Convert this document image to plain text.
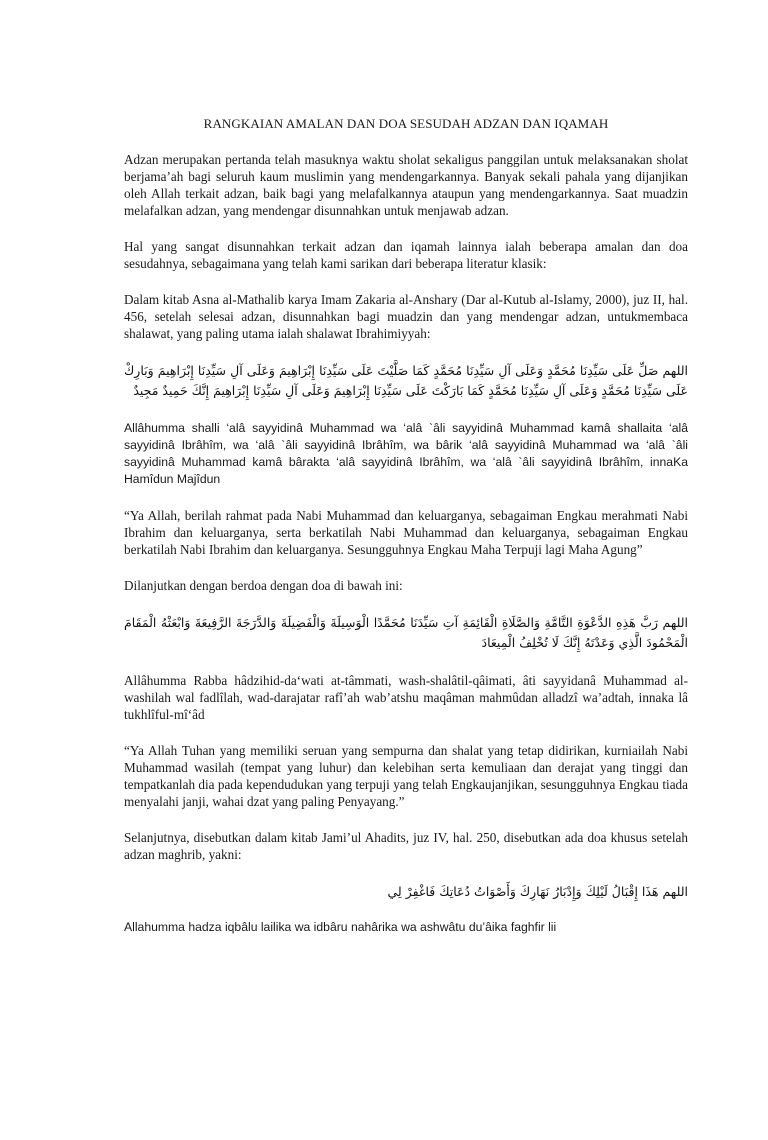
RANGKAIAN AMALAN DAN DOA SESUDAH ADZAN DAN IQAMAH

Adzan merupakan pertanda telah masuknya waktu sholat sekaligus panggilan untuk melaksanakan sholat berjama’ah bagi seluruh kaum muslimin yang mendengarkannya. Banyak sekali pahala yang dijanjikan oleh Allah terkait adzan, baik bagi yang melafalkannya ataupun yang mendengarkannya. Saat muadzin melafalkan adzan, yang mendengar disunnahkan untuk menjawab adzan.

Hal yang sangat disunnahkan terkait adzan dan iqamah lainnya ialah beberapa amalan dan doa sesudahnya, sebagaimana yang telah kami sarikan dari beberapa literatur klasik:

Dalam kitab Asna al-Mathalib karya Imam Zakaria al-Anshary (Dar al-Kutub al-Islamy, 2000), juz II, hal. 456, setelah selesai adzan, disunnahkan bagi muadzin dan yang mendengar adzan, untukmembaca shalawat, yang paling utama ialah shalawat Ibrahimiyyah:

اللهم صَلِّ عَلَى سَيِّدِنَا مُحَمَّدٍ وَعَلَى آلِ سَيِّدِنَا مُحَمَّدٍ كَمَا صَلَّيْتَ عَلَى سَيِّدِنَا إِبْرَاهِيمَ وَعَلَى آلِ سَيِّدِنَا إِبْرَاهِيمَ وَبَارِكْ عَلَى سَيِّدِنَا مُحَمَّدٍ وَعَلَى آلِ سَيِّدِنَا مُحَمَّدٍ كَمَا بَارَكْتَ عَلَى سَيِّدِنَا إِبْرَاهِيمَ وَعَلَى آلِ سَيِّدِنَا إِبْرَاهِيمَ إِنَّكَ حَمِيدٌ مَجِيدٌ

Allâhumma shalli ‘alâ sayyidinâ Muhammad wa ‘alâ `âli sayyidinâ Muhammad kamâ shallaita ‘alâ sayyidinâ Ibrâhîm, wa ‘alâ `âli sayyidinâ Ibrâhîm, wa bârik ‘alâ sayyidinâ Muhammad wa ‘alâ `âli sayyidinâ Muhammad kamâ bârakta ‘alâ sayyidinâ Ibrâhîm, wa ‘alâ `âli sayyidinâ Ibrâhîm, innaKa Hamîdun Majîdun

“Ya Allah, berilah rahmat pada Nabi Muhammad dan keluarganya, sebagaiman Engkau merahmati Nabi Ibrahim dan keluarganya, serta berkatilah Nabi Muhammad dan keluarganya, sebagaiman Engkau berkatilah Nabi Ibrahim dan keluarganya. Sesungguhnya Engkau Maha Terpuji lagi Maha Agung”

Dilanjutkan dengan berdoa dengan doa di bawah ini:

اللهم رَبَّ هَذِهِ الدَّعْوَةِ التَّامَّةِ وَالصَّلَاةِ الْقَائِمَةِ آتِ سَيِّدَنَا مُحَمَّدًا الْوَسِيلَةَ وَالْفَضِيلَةَ وَالدَّرَجَةَ الرَّفِيعَةَ وَابْعَثْهُ الْمَقَامَ الْمَحْمُودَ الَّذِي وَعَدْتَهُ إِنَّكَ لَا تُخْلِفُ الْمِيعَادَ

Allâhumma Rabba hâdzihid-da‘wati at-tâmmati, wash-shalâtil-qâimati, âti sayyidanâ Muhammad al-washilah wal fadlîlah, wad-darajatar rafî’ah wab’atshu maqâman mahmûdan alladzî wa’adtah, innaka lâ tukhlîful-mî‘âd

“Ya Allah Tuhan yang memiliki seruan yang sempurna dan shalat yang tetap didirikan, kurniailah Nabi Muhammad wasilah (tempat yang luhur) dan kelebihan serta kemuliaan dan derajat yang tinggi dan tempatkanlah dia pada kependudukan yang terpuji yang telah Engkaujanjikan, sesungguhnya Engkau tiada menyalahi janji, wahai dzat yang paling Penyayang.”

Selanjutnya, disebutkan dalam kitab Jami’ul Ahadits, juz IV, hal. 250, disebutkan ada doa khusus setelah adzan maghrib, yakni:

اللهم هَذَا إِقْبَالُ لَيْلِكَ وَإِدْبَارُ نَهَارِكَ وَأَصْوَاتُ دُعَاتِكَ فَاغْفِرْ لِي

Allahumma hadza iqbâlu lailika wa idbâru nahârika wa ashwâtu du’âika faghfir lii
